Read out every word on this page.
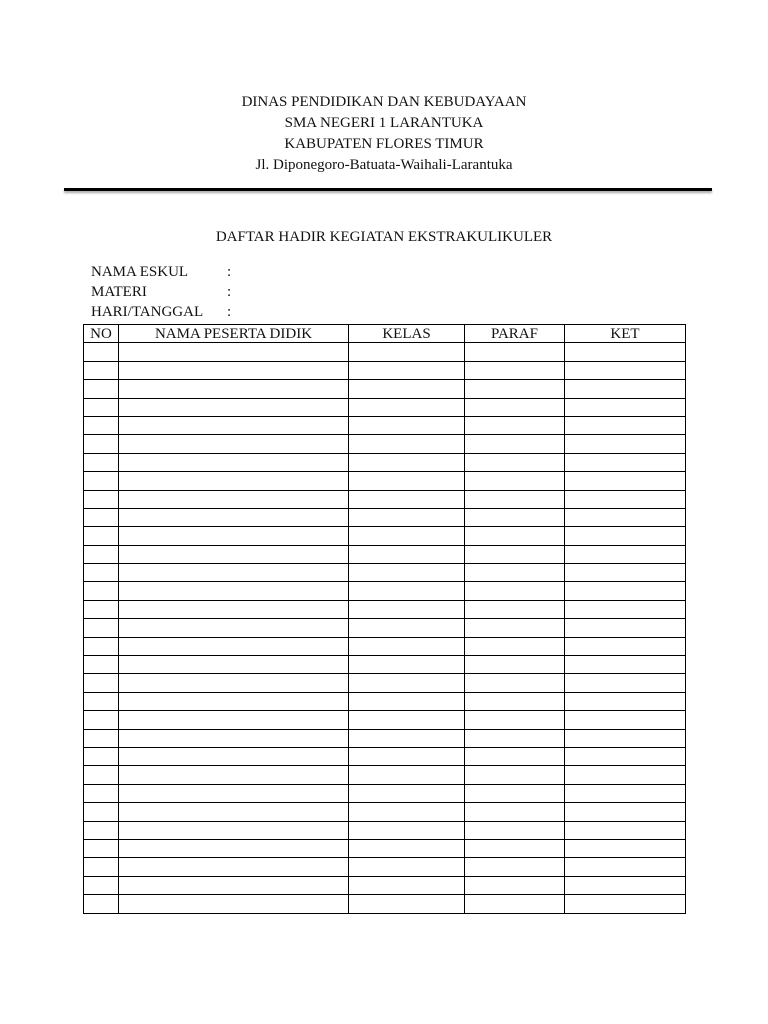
DINAS PENDIDIKAN DAN KEBUDAYAAN
SMA NEGERI 1 LARANTUKA
KABUPATEN FLORES TIMUR
Jl. Diponegoro-Batuata-Waihali-Larantuka
DAFTAR HADIR KEGIATAN EKSTRAKULIKULER
NAMA ESKUL	:
MATERI	:
HARI/TANGGAL	:
NO	NAMA PESERTA DIDIK	KELAS	PARAF	KET
